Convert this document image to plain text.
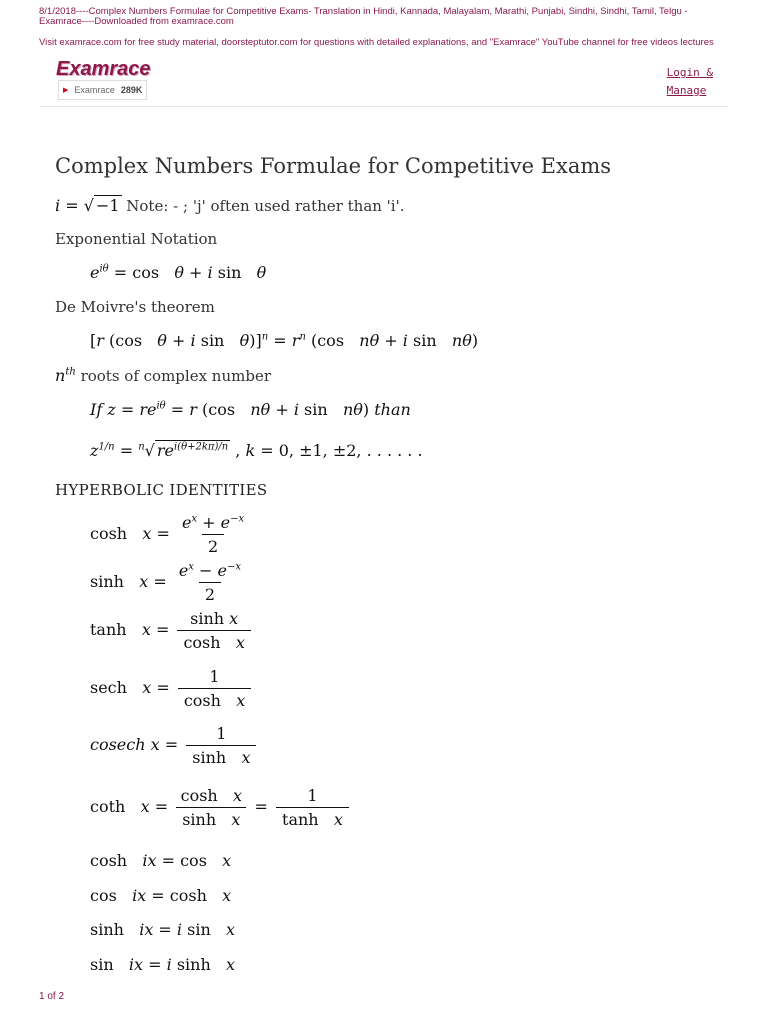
8/1/2018----Complex Numbers Formulae for Competitive Exams- Translation in Hindi, Kannada, Malayalam, Marathi, Punjabi, Sindhi, Sindhi, Tamil, Telgu - Examrace----Downloaded from examrace.com
Visit examrace.com for free study material, doorsteptutor.com for questions with detailed explanations, and "Examrace" YouTube channel for free videos lectures
Examrace
▶ Examrace 289K
Login &
Manage
Complex Numbers Formulae for Competitive Exams
i = √ −1 Note: - ; 'j' often used rather than 'i'.
Exponential Notation
$e^{i\theta} = \cos \theta + i$ sin   θ
De Moivre's theorem
[r (cos   θ + i $\sin \theta)]^n = r^n$ (cos   nθ + i sin   nθ)
$n^{th}$ roots of complex number
If $z = re^{i\theta} = r$ (cos   nθ + i sin   nθ) than
$z^{1/n} = ^n√$ $re^{i(\theta+2k\pi)/n}$ , k = 0, ±1, ±2, . . . . . .
HYPERBOLIC IDENTITIES
$\cosh x = \frac{e^x + e^{-x}}{2}$
$\sinh x = \frac{e^x - e^{-x}}{2}$
$\tanh x = \frac{\text{sinh x}}{\text{cosh   x}}$
sech   $x = \frac{1}{\text{cosh   x}}$
cosech $x = \frac{1}{\text{sinh   x}}$
coth   $x = \frac{\text{cosh   x}}{\text{sinh   x}} = \frac{1}{\text{tanh   x}}$
cosh   ix = cos   x
cos   ix = cosh   x
sinh   ix = i sin   x
sin   ix = i sinh   x
1 of 2
